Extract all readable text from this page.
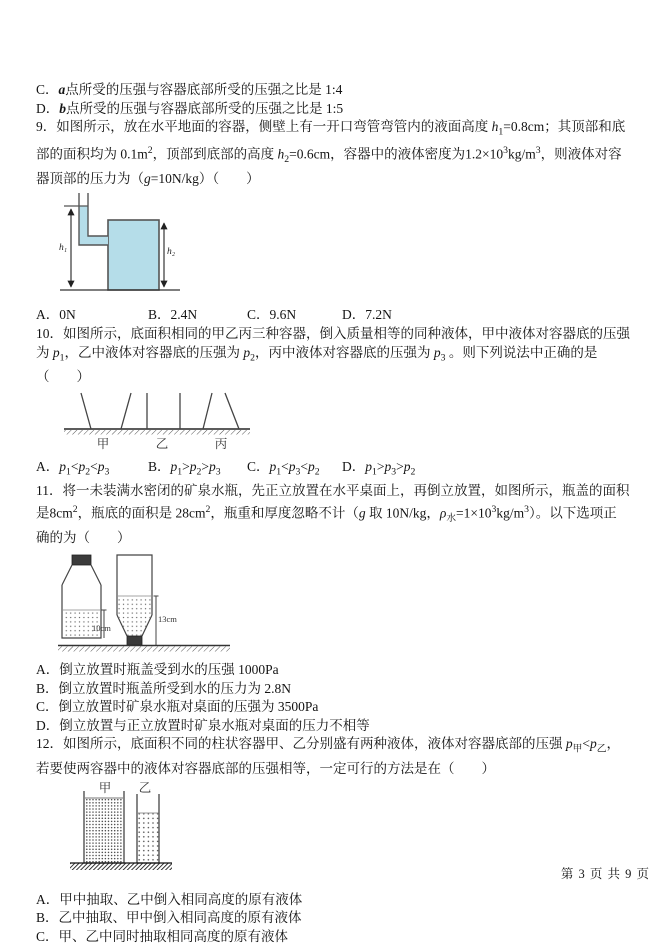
C．a点所受的压强与容器底部所受的压强之比是 1:4
D．b点所受的压强与容器底部所受的压强之比是 1:5

9．如图所示，放在水平地面的容器，侧壁上有一开口弯管弯管内的液面高度 $h_1=0.8cm$；其顶部和底部的面积均为 $0.1m^2$，顶部到底部的高度 $h_2=0.6cm$，容器中的液体密度为$1.2\times 10^3kg/m^3$，则液体对容器顶部的压力为（g=10N/kg）（　　）

h₁	h₂
A．0N	B．2.4N	C．9.6N	D．7.2N

10．如图所示，底面积相同的甲乙丙三种容器，倒入质量相等的同种液体，甲中液体对容器底的压强为 $p_1$，乙中液体对容器底的压强为 $p_2$，丙中液体对容器底的压强为 $p_3$ 。则下列说法中正确的是（　　）

甲	乙	丙
A．$p_1<p_2<p_3$	B．$p_1>p_2>p_3$	C．$p_1<p_3<p_2$	D．$p_1>p_3>p_2$

11．将一未装满水密闭的矿泉水瓶，先正立放置在水平桌面上，再倒立放置，如图所示，瓶盖的面积是$8cm^2$，瓶底的面积是 $28cm^2$，瓶重和厚度忽略不计（g 取 10N/kg，$\rho_水=1\times 10^3kg/m^3$）。以下选项正确的为（　　）

10cm
13cm
A．倒立放置时瓶盖受到水的压强 1000Pa
B．倒立放置时瓶盖所受到水的压力为 2.8N
C．倒立放置时矿泉水瓶对桌面的压强为 3500Pa
D．倒立放置与正立放置时矿泉水瓶对桌面的压力不相等

12．如图所示，底面积不同的柱状容器甲、乙分别盛有两种液体，液体对容器底部的压强 $p_甲<p_乙$，若要使两容器中的液体对容器底部的压强相等，一定可行的方法是在（　　）

甲 乙
A．甲中抽取、乙中倒入相同高度的原有液体
B．乙中抽取、甲中倒入相同高度的原有液体
C．甲、乙中同时抽取相同高度的原有液体
第 3 页 共 9 页
